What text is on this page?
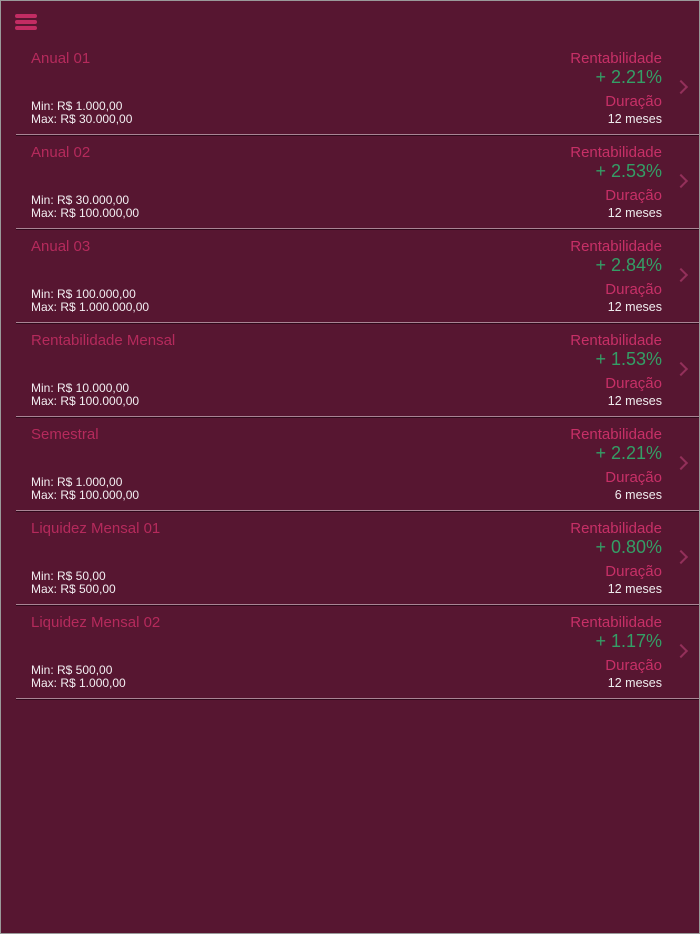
Anual 01
Min: R$ 1.000,00
Max: R$ 30.000,00
Rentabilidade
+ 2.21%
Duração
12 meses
Anual 02
Min: R$ 30.000,00
Max: R$ 100.000,00
Rentabilidade
+ 2.53%
Duração
12 meses
Anual 03
Min: R$ 100.000,00
Max: R$ 1.000.000,00
Rentabilidade
+ 2.84%
Duração
12 meses
Rentabilidade Mensal
Min: R$ 10.000,00
Max: R$ 100.000,00
Rentabilidade
+ 1.53%
Duração
12 meses
Semestral
Min: R$ 1.000,00
Max: R$ 100.000,00
Rentabilidade
+ 2.21%
Duração
6 meses
Liquidez Mensal 01
Min: R$ 50,00
Max: R$ 500,00
Rentabilidade
+ 0.80%
Duração
12 meses
Liquidez Mensal 02
Min: R$ 500,00
Max: R$ 1.000,00
Rentabilidade
+ 1.17%
Duração
12 meses
